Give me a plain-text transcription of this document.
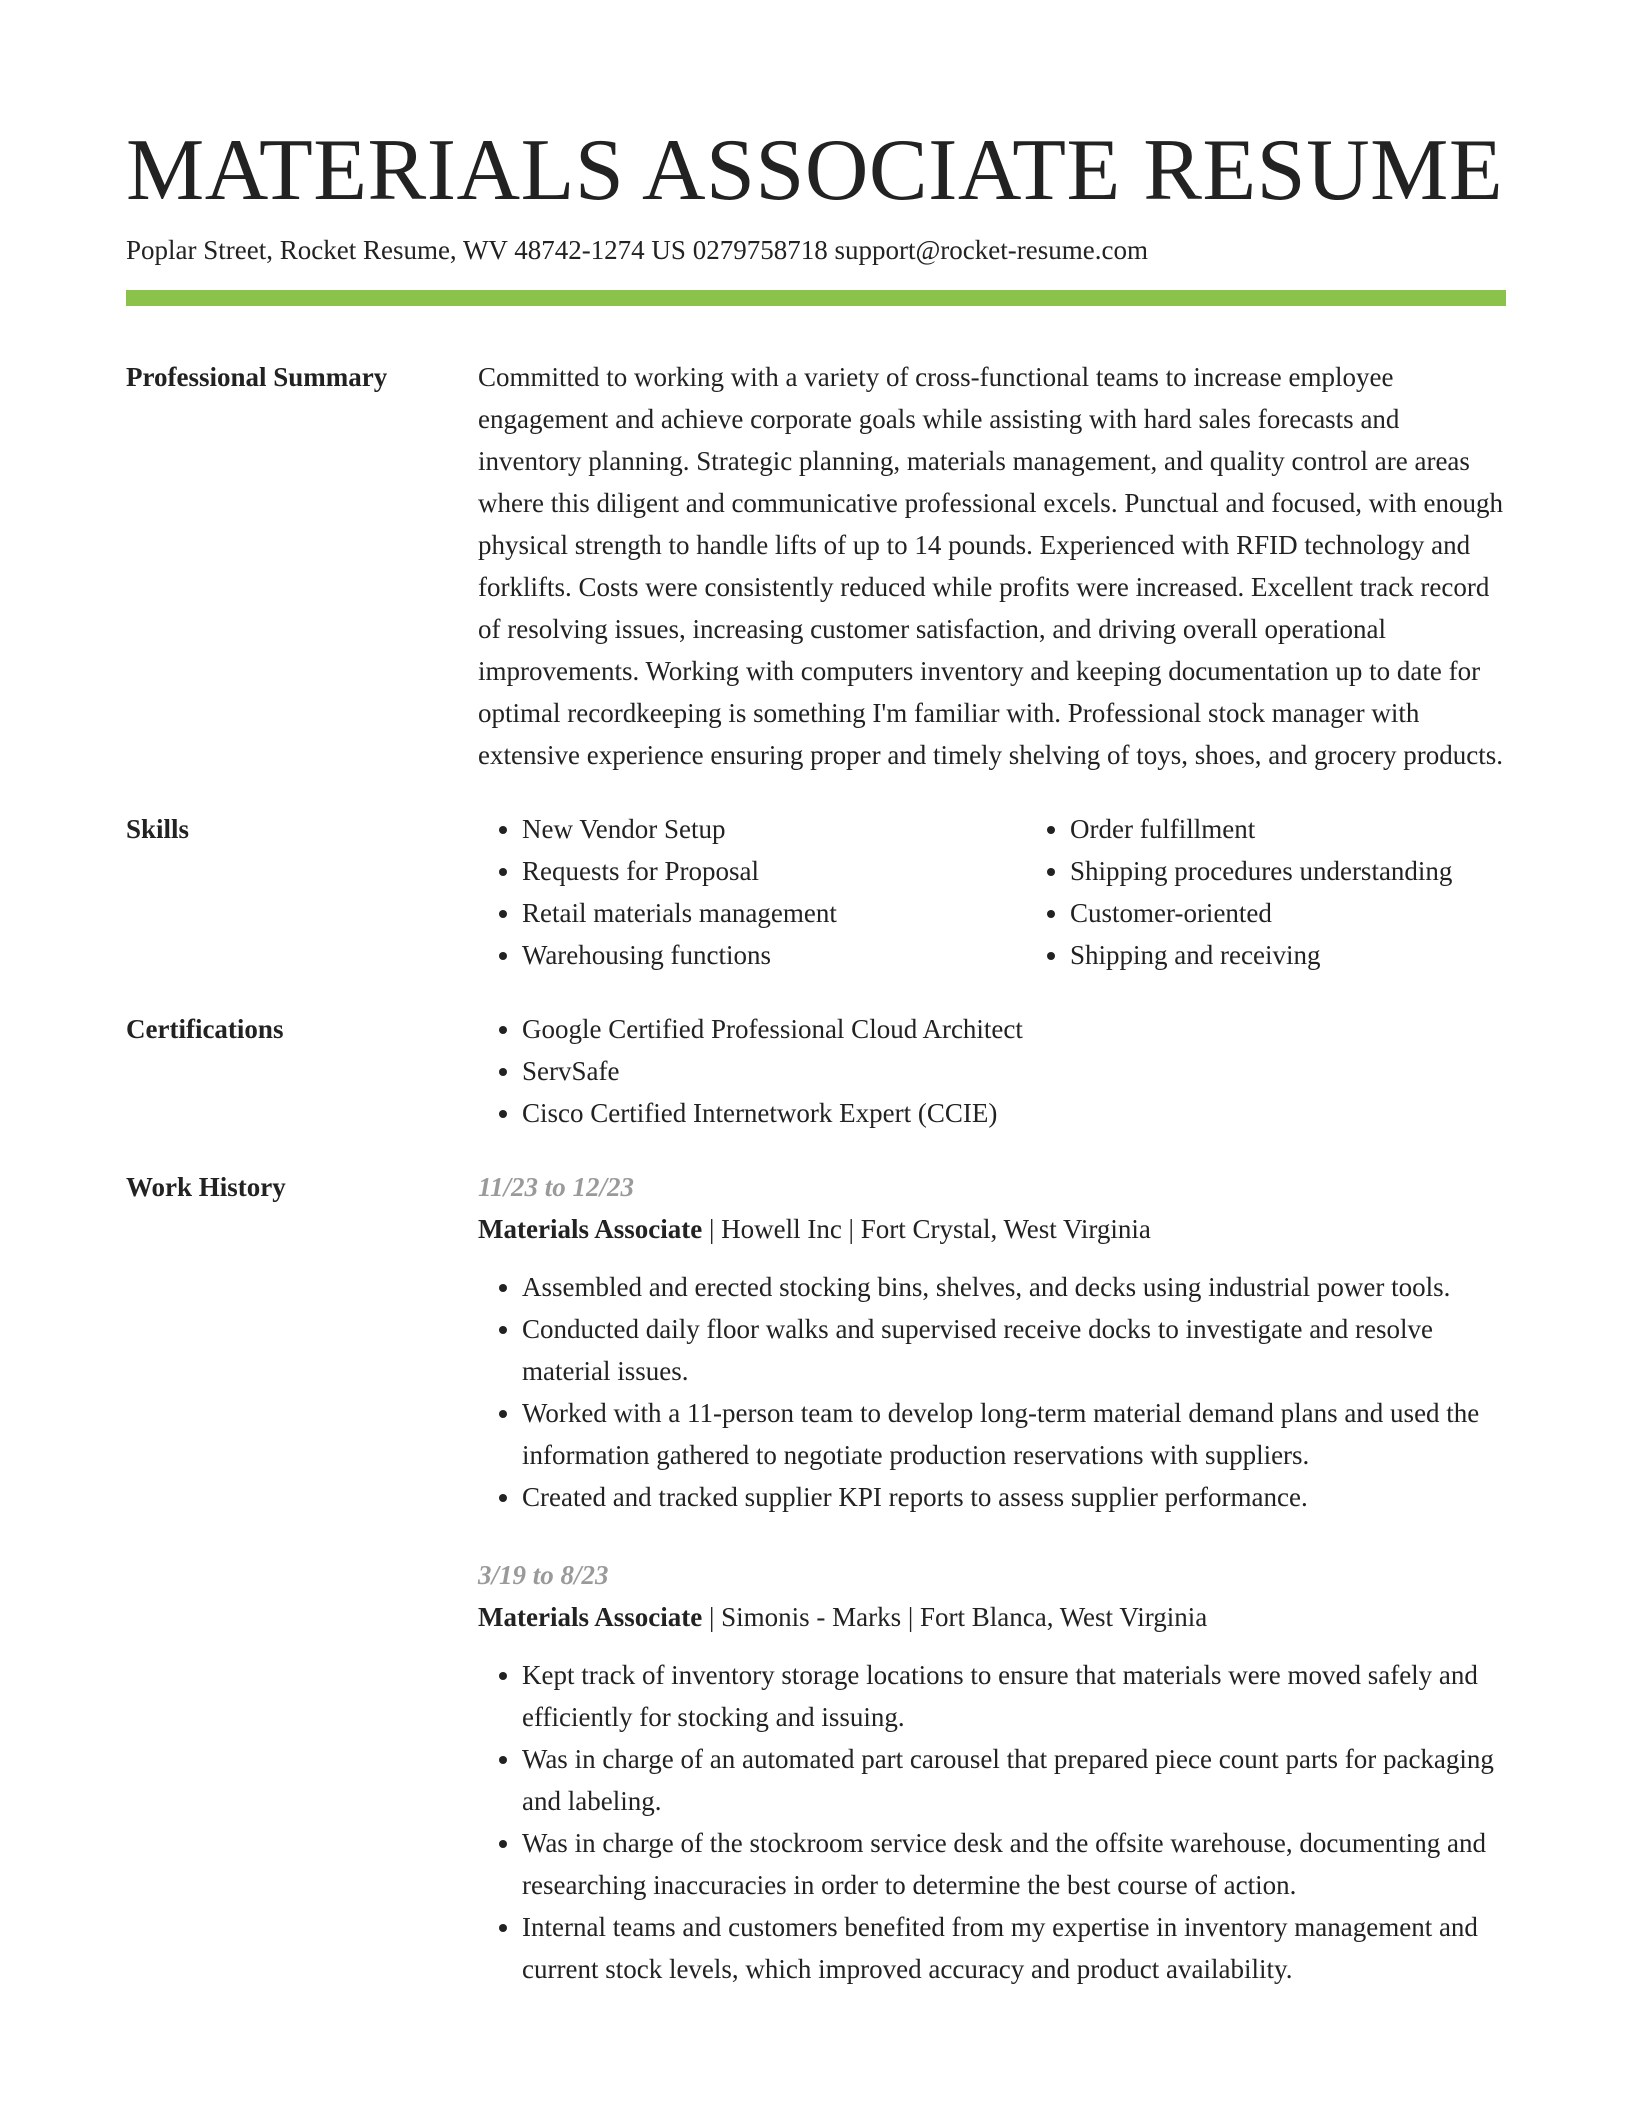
MATERIALS ASSOCIATE RESUME
Poplar Street, Rocket Resume, WV 48742-1274 US 0279758718 support@rocket-resume.com
Professional Summary	Committed to working with a variety of cross-functional teams to increase employee engagement and achieve corporate goals while assisting with hard sales forecasts and inventory planning. Strategic planning, materials management, and quality control are areas where this diligent and communicative professional excels. Punctual and focused, with enough physical strength to handle lifts of up to 14 pounds. Experienced with RFID technology and forklifts. Costs were consistently reduced while profits were increased. Excellent track record of resolving issues, increasing customer satisfaction, and driving overall operational improvements. Working with computers inventory and keeping documentation up to date for optimal recordkeeping is something I'm familiar with. Professional stock manager with extensive experience ensuring proper and timely shelving of toys, shoes, and grocery products.

Skills	• New Vendor Setup
• Requests for Proposal
• Retail materials management
• Warehousing functions
• Order fulfillment
• Shipping procedures understanding
• Customer-oriented
• Shipping and receiving
Certifications	• Google Certified Professional Cloud Architect
• ServSafe
• Cisco Certified Internetwork Expert (CCIE)
Work History	11/23 to 12/23
Materials Associate | Howell Inc | Fort Crystal, West Virginia
• Assembled and erected stocking bins, shelves, and decks using industrial power tools.
• Conducted daily floor walks and supervised receive docks to investigate and resolve material issues.
• Worked with a 11-person team to develop long-term material demand plans and used the information gathered to negotiate production reservations with suppliers.
• Created and tracked supplier KPI reports to assess supplier performance.
3/19 to 8/23
Materials Associate | Simonis - Marks | Fort Blanca, West Virginia
• Kept track of inventory storage locations to ensure that materials were moved safely and efficiently for stocking and issuing.
• Was in charge of an automated part carousel that prepared piece count parts for packaging and labeling.
• Was in charge of the stockroom service desk and the offsite warehouse, documenting and researching inaccuracies in order to determine the best course of action.
• Internal teams and customers benefited from my expertise in inventory management and current stock levels, which improved accuracy and product availability.
